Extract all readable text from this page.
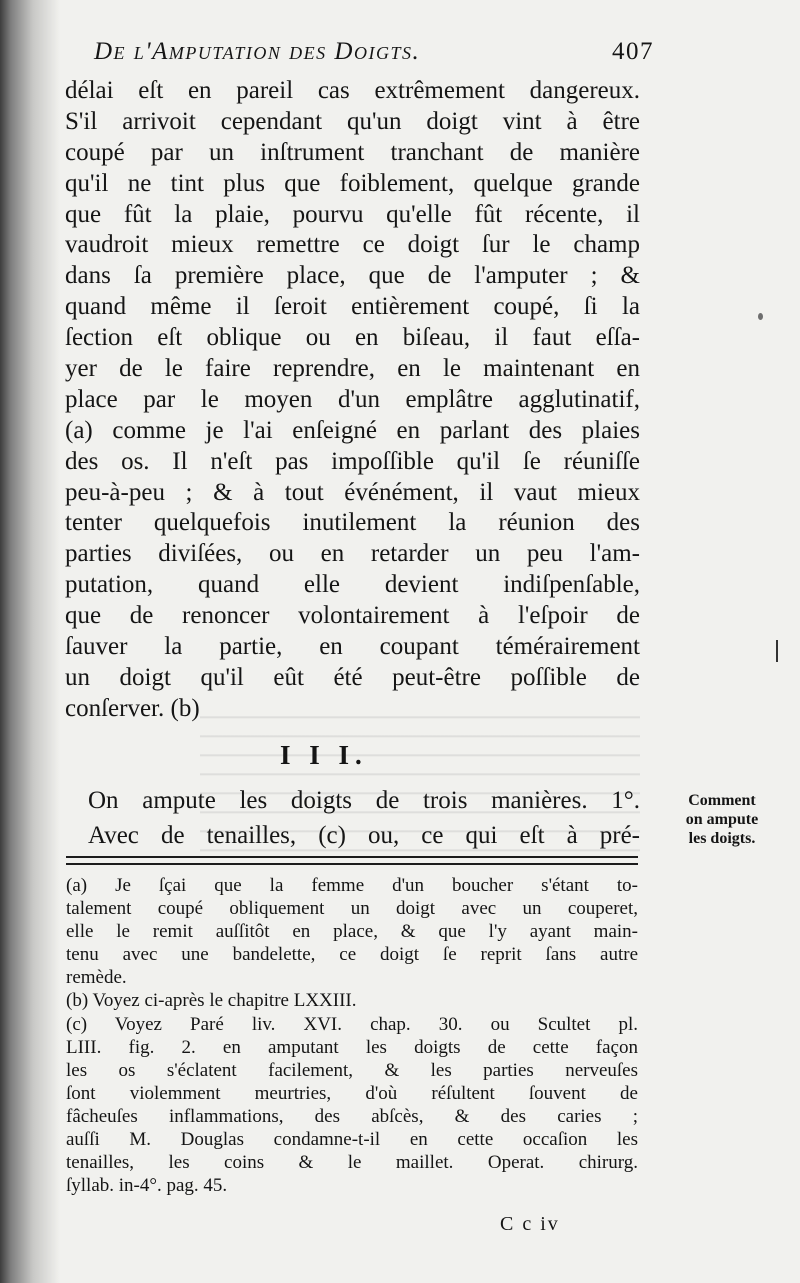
De l'Amputation des Doigts.	407
délai eſt en pareil cas extrêmement dangereux.
S'il arrivoit cependant qu'un doigt vint à être
coupé par un inſtrument tranchant de manière
qu'il ne tint plus que foiblement, quelque grande
que fût la plaie, pourvu qu'elle fût récente, il
vaudroit mieux remettre ce doigt ſur le champ
dans ſa première place, que de l'amputer ; &
quand même il ſeroit entièrement coupé, ſi la
ſection eſt oblique ou en biſeau, il faut eſſa-
yer de le faire reprendre, en le maintenant en
place par le moyen d'un emplâtre agglutinatif,
(a) comme je l'ai enſeigné en parlant des plaies
des os. Il n'eſt pas impoſſible qu'il ſe réuniſſe
peu-à-peu ; & à tout événément, il vaut mieux
tenter quelquefois inutilement la réunion des
parties diviſées, ou en retarder un peu l'am-
putation, quand elle devient indiſpenſable,
que de renoncer volontairement à l'eſpoir de
ſauver la partie, en coupant témérairement
un doigt qu'il eût été peut-être poſſible de
conſerver. (b)
I I I.
On ampute les doigts de trois manières. 1°.
Avec de tenailles, (c) ou, ce qui eſt à pré-
Comment
on ampute
les doigts.
(a) Je ſçai que la femme d'un boucher s'étant to-
talement coupé obliquement un doigt avec un couperet,
elle le remit auſſitôt en place, & que l'y ayant main-
tenu avec une bandelette, ce doigt ſe reprit ſans autre
remède.
(b) Voyez ci-après le chapitre LXXIII.
(c) Voyez Paré liv. XVI. chap. 30. ou Scultet pl.
LIII. fig. 2. en amputant les doigts de cette façon
les os s'éclatent facilement, & les parties nerveuſes
ſont violemment meurtries, d'où réſultent ſouvent de
fâcheuſes inflammations, des abſcès, & des caries ;
auſſi M. Douglas condamne-t-il en cette occaſion les
tenailles, les coins & le maillet. Operat. chirurg.
ſyllab. in-4°. pag. 45.
C c iv
